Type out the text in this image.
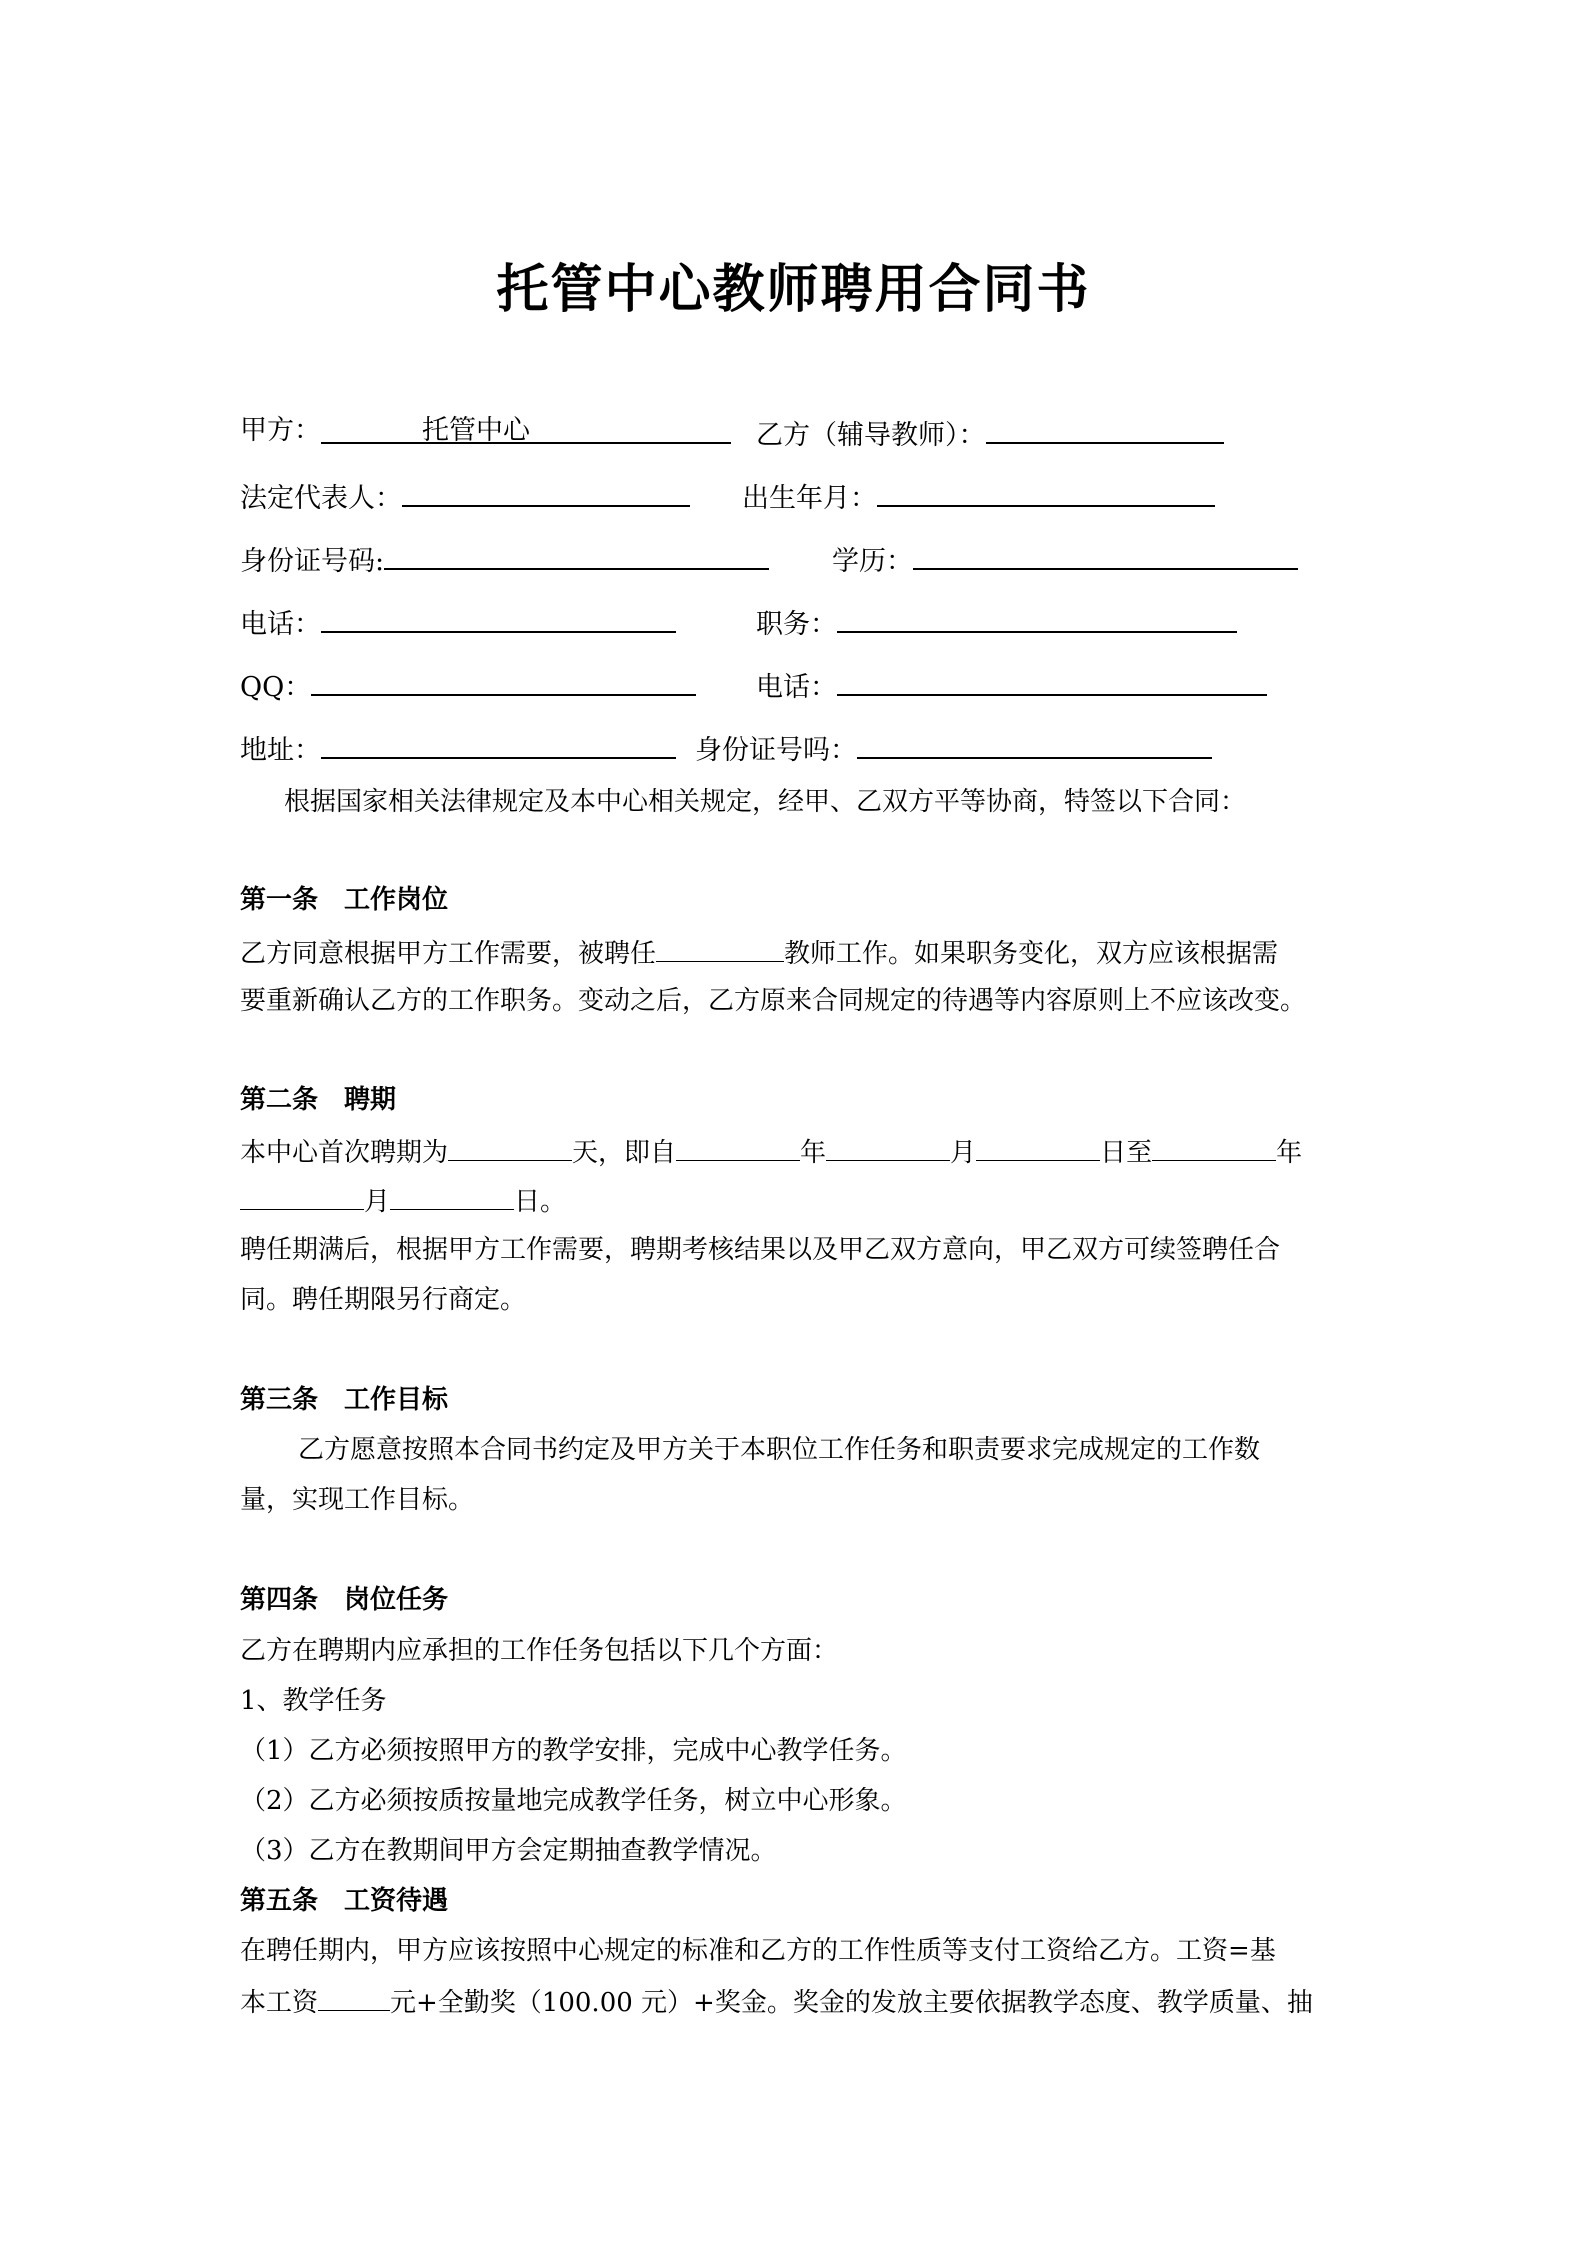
托管中心教师聘用合同书
甲方：	托管中心	乙方（辅导教师）：
法定代表人：	出生年月：
身份证号码:	学历：
电话：	职务：
QQ：	电话：
地址：	身份证号吗：
根据国家相关法律规定及本中心相关规定，经甲、乙双方平等协商，特签以下合同：
第一条　工作岗位
乙方同意根据甲方工作需要，被聘任	教师工作。如果职务变化，双方应该根据需
要重新确认乙方的工作职务。变动之后，乙方原来合同规定的待遇等内容原则上不应该改变。
第二条　聘期
本中心首次聘期为	天，即自	年	月	日至	年
月	日。
聘任期满后，根据甲方工作需要，聘期考核结果以及甲乙双方意向，甲乙双方可续签聘任合
同。聘任期限另行商定。
第三条　工作目标
乙方愿意按照本合同书约定及甲方关于本职位工作任务和职责要求完成规定的工作数
量，实现工作目标。
第四条　岗位任务
乙方在聘期内应承担的工作任务包括以下几个方面：
1、教学任务
（1）乙方必须按照甲方的教学安排，完成中心教学任务。
（2）乙方必须按质按量地完成教学任务，树立中心形象。
（3）乙方在教期间甲方会定期抽查教学情况。
第五条　工资待遇
在聘任期内，甲方应该按照中心规定的标准和乙方的工作性质等支付工资给乙方。工资=基
本工资	元+全勤奖（100.00 元）+奖金。奖金的发放主要依据教学态度、教学质量、抽
